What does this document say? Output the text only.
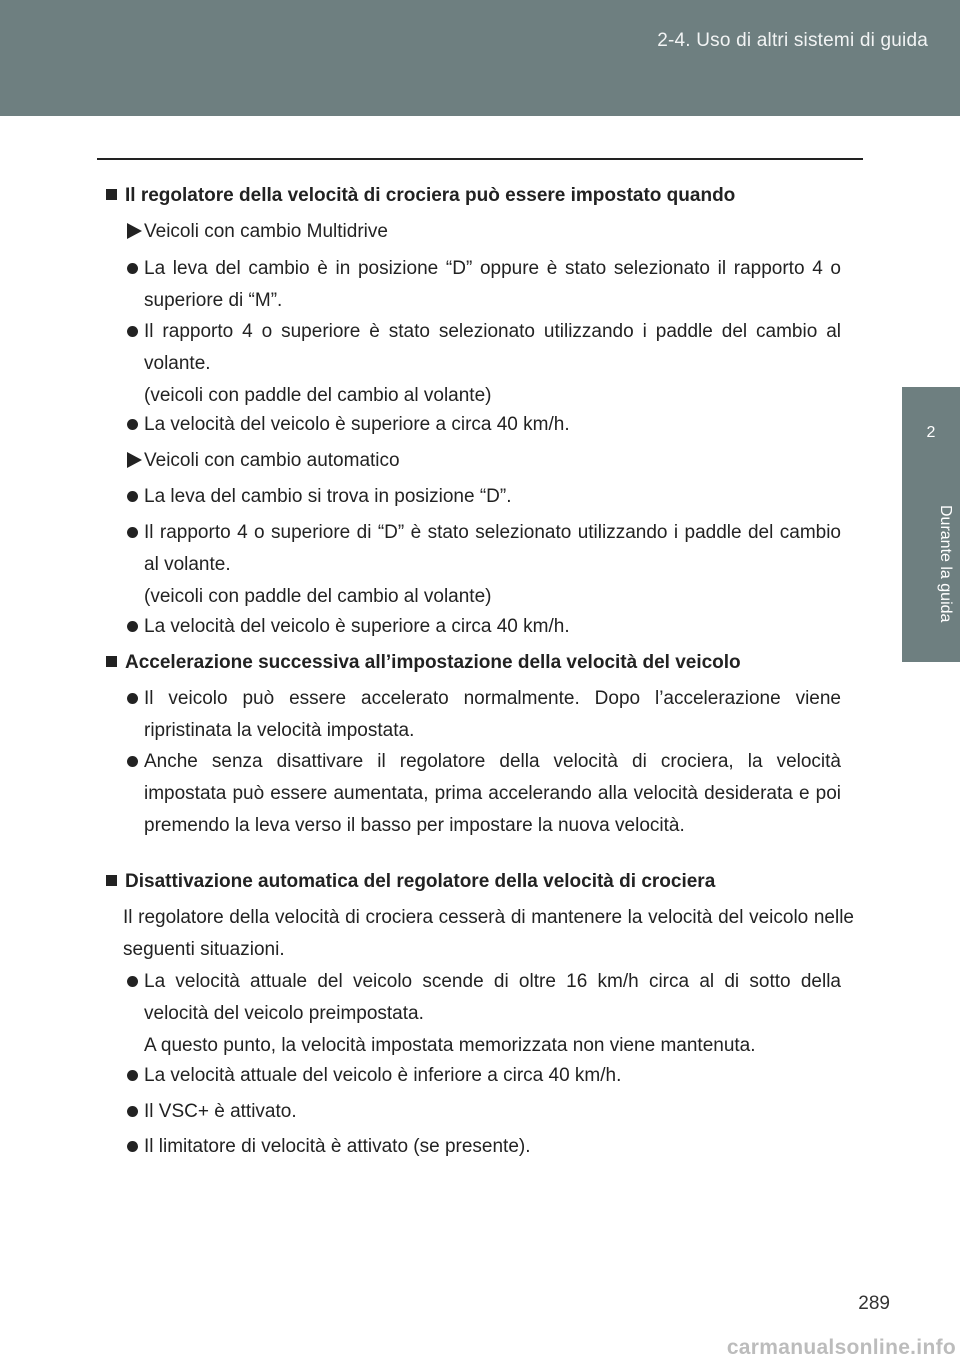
2-4. Uso di altri sistemi di guida
2
Durante la guida
Il regolatore della velocità di crociera può essere impostato quando
Veicoli con cambio Multidrive
La leva del cambio è in posizione “D” oppure è stato selezionato il rapporto 4 o superiore di “M”.
Il rapporto 4 o superiore è stato selezionato utilizzando i paddle del cambio al volante.
(veicoli con paddle del cambio al volante)
La velocità del veicolo è superiore a circa 40 km/h.
Veicoli con cambio automatico
La leva del cambio si trova in posizione “D”.
Il rapporto 4 o superiore di “D” è stato selezionato utilizzando i paddle del cambio al volante.
(veicoli con paddle del cambio al volante)
La velocità del veicolo è superiore a circa 40 km/h.
Accelerazione successiva all’impostazione della velocità del veicolo
Il veicolo può essere accelerato normalmente. Dopo l’accelerazione viene ripristinata la velocità impostata.
Anche senza disattivare il regolatore della velocità di crociera, la velocità impostata può essere aumentata, prima accelerando alla velocità desiderata e poi premendo la leva verso il basso per impostare la nuova velocità.
Disattivazione automatica del regolatore della velocità di crociera
Il regolatore della velocità di crociera cesserà di mantenere la velocità del veicolo nelle seguenti situazioni.
La velocità attuale del veicolo scende di oltre 16 km/h circa al di sotto della velocità del veicolo preimpostata.
A questo punto, la velocità impostata memorizzata non viene mantenuta.
La velocità attuale del veicolo è inferiore a circa 40 km/h.
Il VSC+ è attivato.
Il limitatore di velocità è attivato (se presente).
289
carmanualsonline.info
